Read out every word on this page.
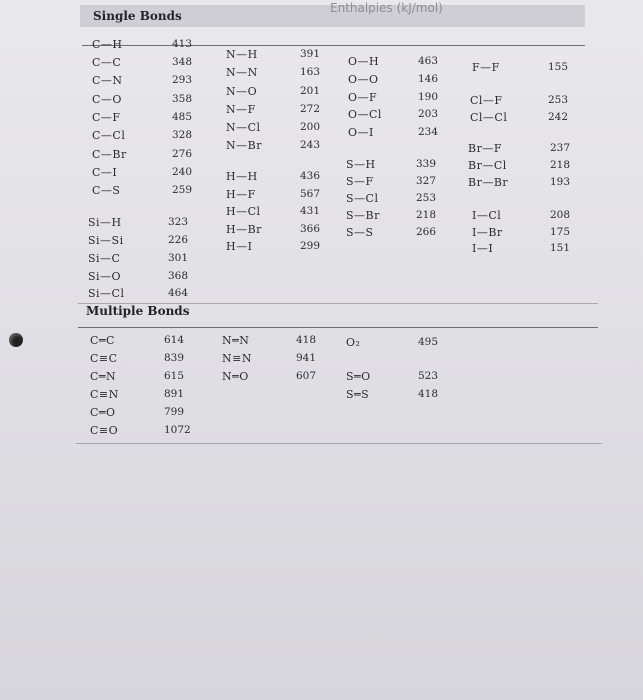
Enthalpies (kJ/mol)
Single Bonds
C—H	413
C—C	348
C—N	293
C—O	358
C—F	485
C—Cl	328
C—Br	276
C—I	240
C—S	259
Si—H	323
Si—Si	226
Si—C	301
Si—O	368
Si—Cl	464
N—H	391
N—N	163
N—O	201
N—F	272
N—Cl	200
N—Br	243
H—H	436
H—F	567
H—Cl	431
H—Br	366
H—I	299
O—H	463
O—O	146
O—F	190
O—Cl	203
O—I	234
S—H	339
S—F	327
S—Cl	253
S—Br	218
S—S	266
F—F	155
Cl—F	253
Cl—Cl	242
Br—F	237
Br—Cl	218
Br—Br	193
I—Cl	208
I—Br	175
I—I	151
Multiple Bonds
C═C	614
C≡C	839
C═N	615
C≡N	891
C═O	799
C≡O	1072
N═N	418
N≡N	941
N═O	607
O₂	495
S═O	523
S═S	418
